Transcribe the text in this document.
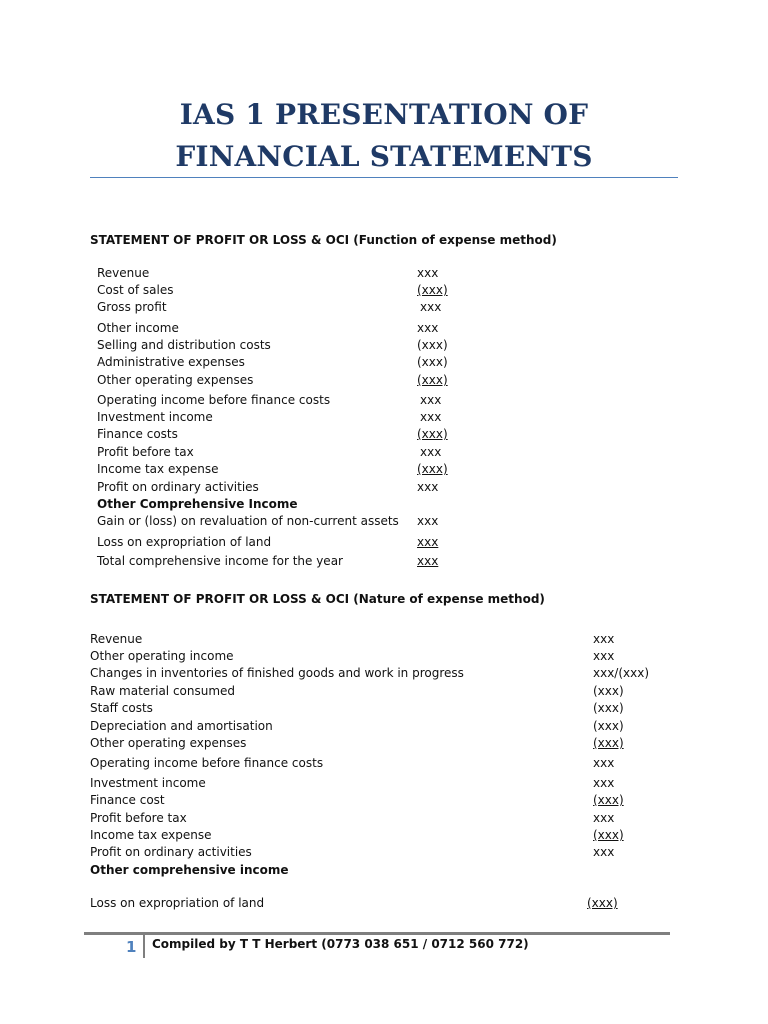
IAS 1 PRESENTATION OF FINANCIAL STATEMENTS
STATEMENT OF PROFIT OR LOSS & OCI (Function of expense method)
Revenue	xxx
Cost of sales	(xxx)
Gross profit	xxx
Other income	xxx
Selling and distribution costs	(xxx)
Administrative expenses	(xxx)
Other operating expenses	(xxx)
Operating income before finance costs	xxx
Investment income	xxx
Finance costs	(xxx)
Profit before tax	xxx
Income tax expense	(xxx)
Profit on ordinary activities	xxx
Other Comprehensive Income
Gain or (loss) on revaluation of non-current assets xxx
Loss on expropriation of land	xxx
Total comprehensive income for the year	xxx
STATEMENT OF PROFIT OR LOSS & OCI (Nature of expense method)
Revenue	xxx
Other operating income	xxx
Changes in inventories of finished goods and work in progress	xxx/(xxx)
Raw material consumed	(xxx)
Staff costs	(xxx)
Depreciation and amortisation	(xxx)
Other operating expenses	(xxx)
Operating income before finance costs	xxx
Investment income	xxx
Finance cost	(xxx)
Profit before tax	xxx
Income tax expense	(xxx)
Profit on ordinary activities	xxx
Other comprehensive income
Loss on expropriation of land	(xxx)
1 Compiled by T T Herbert (0773 038 651 / 0712 560 772)
